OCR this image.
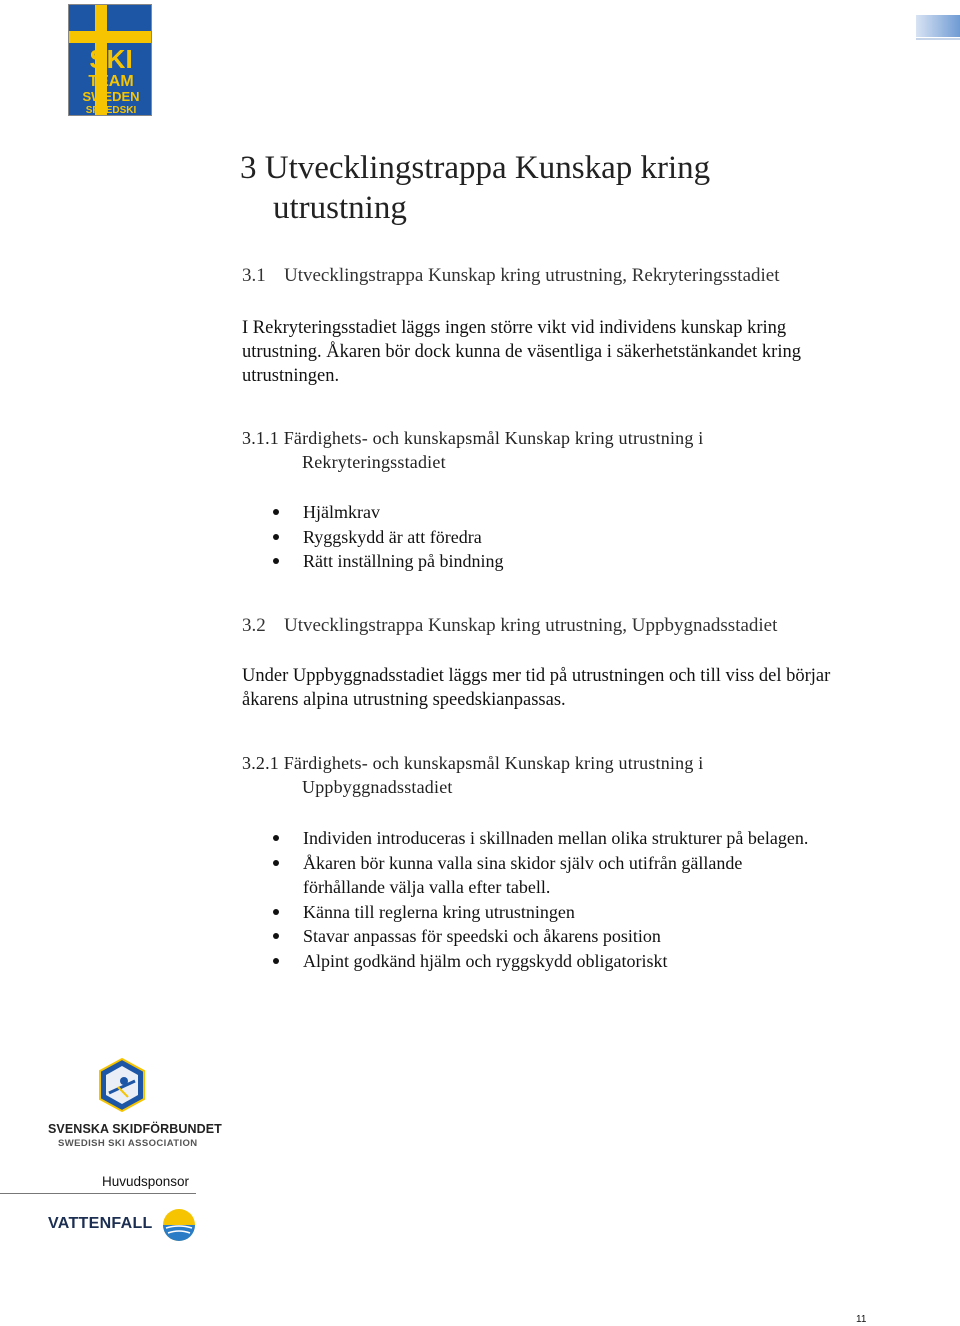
SKI
TEAM
SWEDEN
SPEEDSKI
3 Utvecklingstrappa Kunskap kring
utrustning
3.1 Utvecklingstrappa Kunskap kring utrustning, Rekryteringsstadiet
I Rekryteringsstadiet läggs ingen större vikt vid individens kunskap kring utrustning. Åkaren bör dock kunna de väsentliga i säkerhetstänkandet kring utrustningen.
3.1.1 Färdighets- och kunskapsmål Kunskap kring utrustning i
Rekryteringsstadiet
Hjälmkrav
Ryggskydd är att föredra
Rätt inställning på bindning
3.2 Utvecklingstrappa Kunskap kring utrustning, Uppbygnadsstadiet
Under Uppbyggnadsstadiet läggs mer tid på utrustningen och till viss del börjar åkarens alpina utrustning speedskianpassas.
3.2.1 Färdighets- och kunskapsmål Kunskap kring utrustning i
Uppbyggnadsstadiet
Individen introduceras i skillnaden mellan olika strukturer på belagen.
Åkaren bör kunna valla sina skidor själv och utifrån gällande förhållande välja valla efter tabell.
Känna till reglerna kring utrustningen
Stavar anpassas för speedski och åkarens position
Alpint godkänd hjälm och ryggskydd obligatoriskt
SVENSKA SKIDFÖRBUNDET
SWEDISH SKI ASSOCIATION
Huvudsponsor
VATTENFALL
11
